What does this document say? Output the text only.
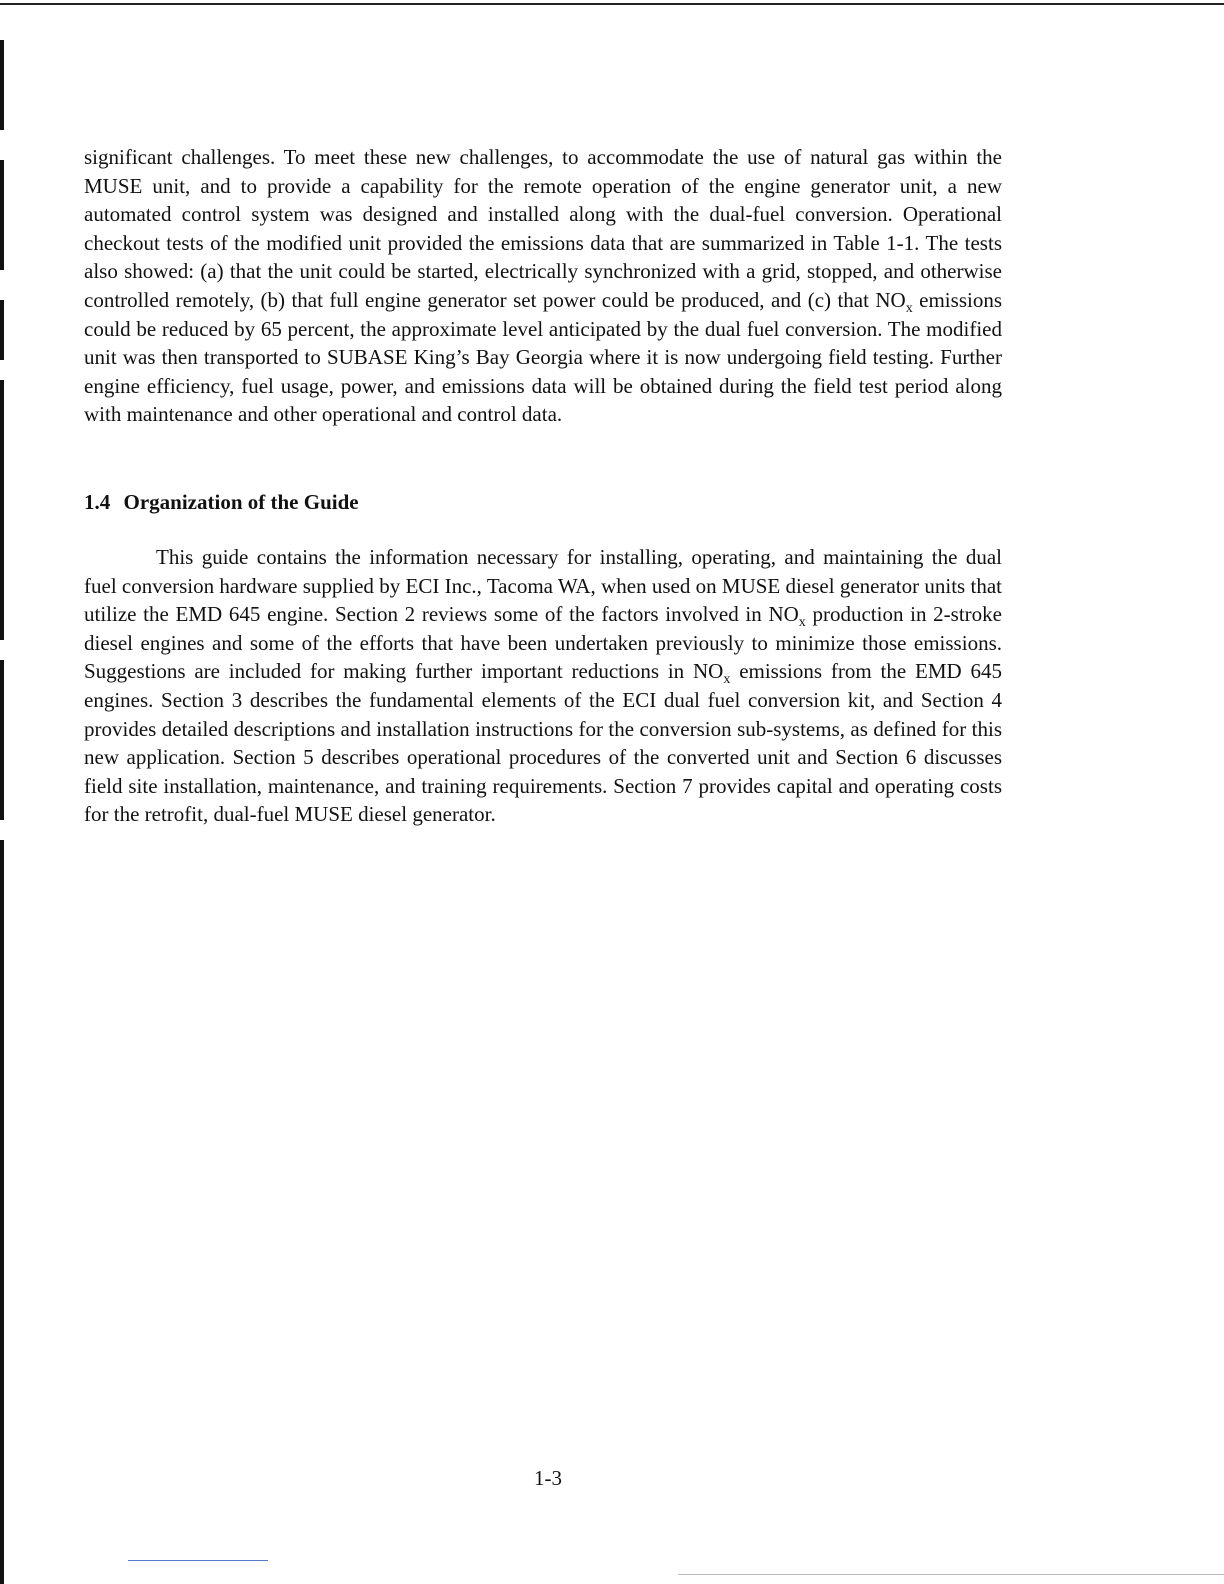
significant challenges. To meet these new challenges, to accommodate the use of natural gas within the MUSE unit, and to provide a capability for the remote operation of the engine generator unit, a new automated control system was designed and installed along with the dual-fuel conversion. Operational checkout tests of the modified unit provided the emissions data that are summarized in Table 1-1. The tests also showed: (a) that the unit could be started, electrically synchronized with a grid, stopped, and otherwise controlled remotely, (b) that full engine generator set power could be produced, and (c) that $NO_x$ emissions could be reduced by 65 percent, the approximate level anticipated by the dual fuel conversion. The modified unit was then transported to SUBASE King’s Bay Georgia where it is now undergoing field testing. Further engine efficiency, fuel usage, power, and emissions data will be obtained during the field test period along with maintenance and other operational and control data.
1.4 Organization of the Guide
This guide contains the information necessary for installing, operating, and maintaining the dual fuel conversion hardware supplied by ECI Inc., Tacoma WA, when used on MUSE diesel generator units that utilize the EMD 645 engine. Section 2 reviews some of the factors involved in $NO_x$ production in 2-stroke diesel engines and some of the efforts that have been undertaken previously to minimize those emissions. Suggestions are included for making further important reductions in $NO_x$ emissions from the EMD 645 engines. Section 3 describes the fundamental elements of the ECI dual fuel conversion kit, and Section 4 provides detailed descriptions and installation instructions for the conversion sub-systems, as defined for this new application. Section 5 describes operational procedures of the converted unit and Section 6 discusses field site installation, maintenance, and training requirements. Section 7 provides capital and operating costs for the retrofit, dual-fuel MUSE diesel generator.
1-3
